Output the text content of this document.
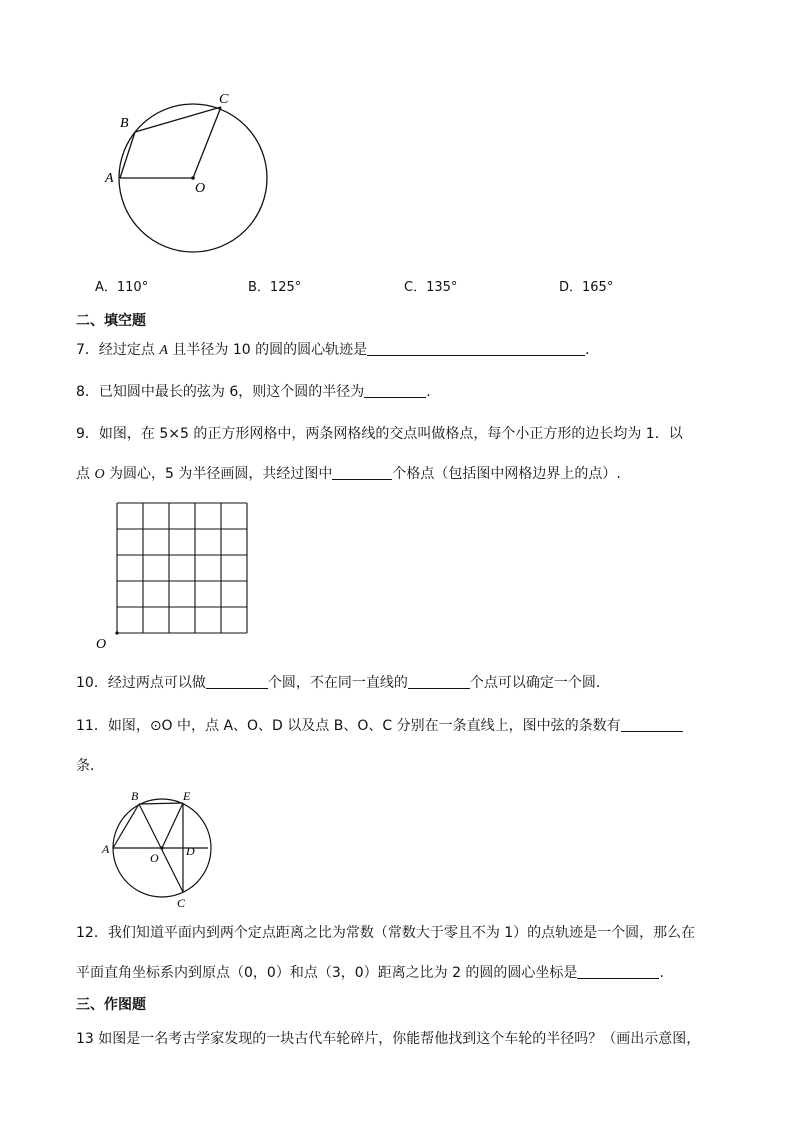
A
B
C
O
A．110°	B．125°	C．135°	D．165°
二、填空题
7．经过定点 A 且半径为 10 的圆的圆心轨迹是	．
8．已知圆中最长的弦为 6，则这个圆的半径为	.
9．如图，在 5×5 的正方形网格中，两条网格线的交点叫做格点，每个小正方形的边长均为 1．以
点 O 为圆心，5 为半径画圆，共经过图中	个格点（包括图中网格边界上的点）.
O
10．经过两点可以做	个圆，不在同一直线的	个点可以确定一个圆．
11．如图，⊙O 中，点 A、O、D 以及点 B、O、C 分别在一条直线上，图中弦的条数有
条．
A
B	E
O D
C
12．我们知道平面内到两个定点距离之比为常数（常数大于零且不为 1）的点轨迹是一个圆，那么在
平面直角坐标系内到原点（0，0）和点（3，0）距离之比为 2 的圆的圆心坐标是	.
三、作图题
13 如图是一名考古学家发现的一块古代车轮碎片，你能帮他找到这个车轮的半径吗？（画出示意图，
